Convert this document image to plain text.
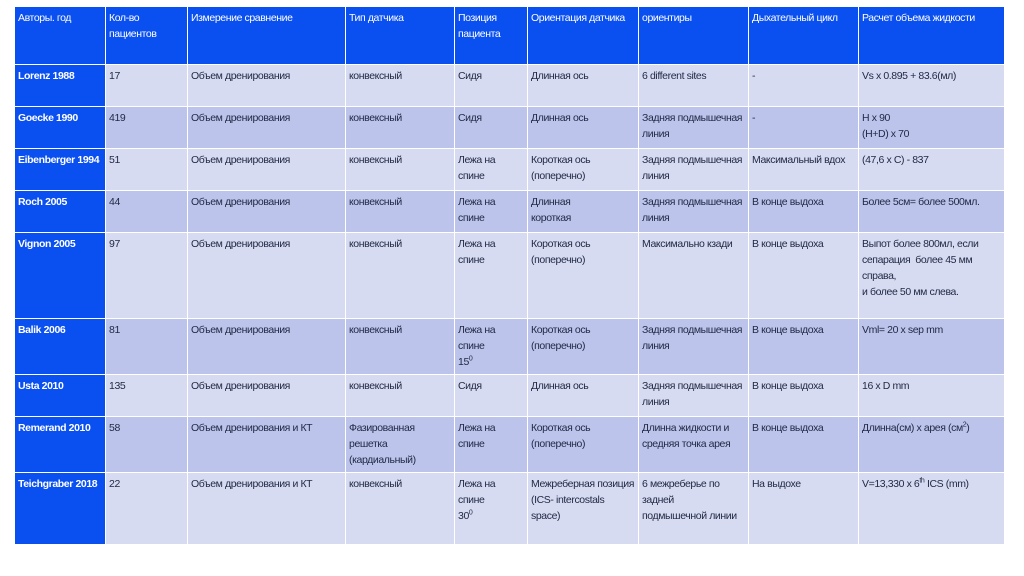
Авторы. год	Кол-во пациентов	Измерение сравнение	Тип датчика	Позиция пациента	Ориентация датчика	ориентиры	Дыхательный цикл	Расчет объема жидкости
Lorenz 1988	17	Объем дренирования	конвексный	Сидя	Длинная ось	6 different sites	-	Vs x 0.895 + 83.6(мл)

Goecke 1990	419	Объем дренирования	конвексный	Сидя	Длинная ось	Задняя подмышечная
линия	-	H x 90
(H+D) x 70

Eibenberger 1994	51	Объем дренирования	конвексный	Лежа на спине	Короткая ось
(поперечно)	Задняя подмышечная
линия	Максимальный вдох	(47,6 x C) - 837

Roch 2005	44	Объем дренирования	конвексный	Лежа на спине	Длинная
короткая	Задняя подмышечная
линия	В конце выдоха	Более 5см= более 500мл.

Vignon 2005	97	Объем дренирования	конвексный	Лежа на спине	Короткая ось
(поперечно)	Максимально кзади	В конце выдоха	Выпот более 800мл, если
сепарация  более 45 мм справа,
и более 50 мм слева.

Balik 2006	81	Объем дренирования	конвексный	Лежа на спине
$15^0$	Короткая ось
(поперечно)	Задняя подмышечная
линия	В конце выдоха	Vml= 20 x sep mm

Usta 2010	135	Объем дренирования	конвексный	Сидя	Длинная ось	Задняя подмышечная
линия	В конце выдоха	16 x D mm

Remerand 2010	58	Объем дренирования и КТ	Фазированная решетка
(кардиальный)	Лежа на спине	Короткая ось
(поперечно)	Длинна жидкости и
средняя точка арея	В конце выдоха	Длинна(см) x арея $(см^2)$

Teichgraber 2018	22	Объем дренирования и КТ	конвексный	Лежа на спине
$30^0$	Межреберная позиция
(ICS- intercostals space)	6 межреберье по задней
подмышечной линии	На выдохе	V=13,330 x 6th ICS (mm)
